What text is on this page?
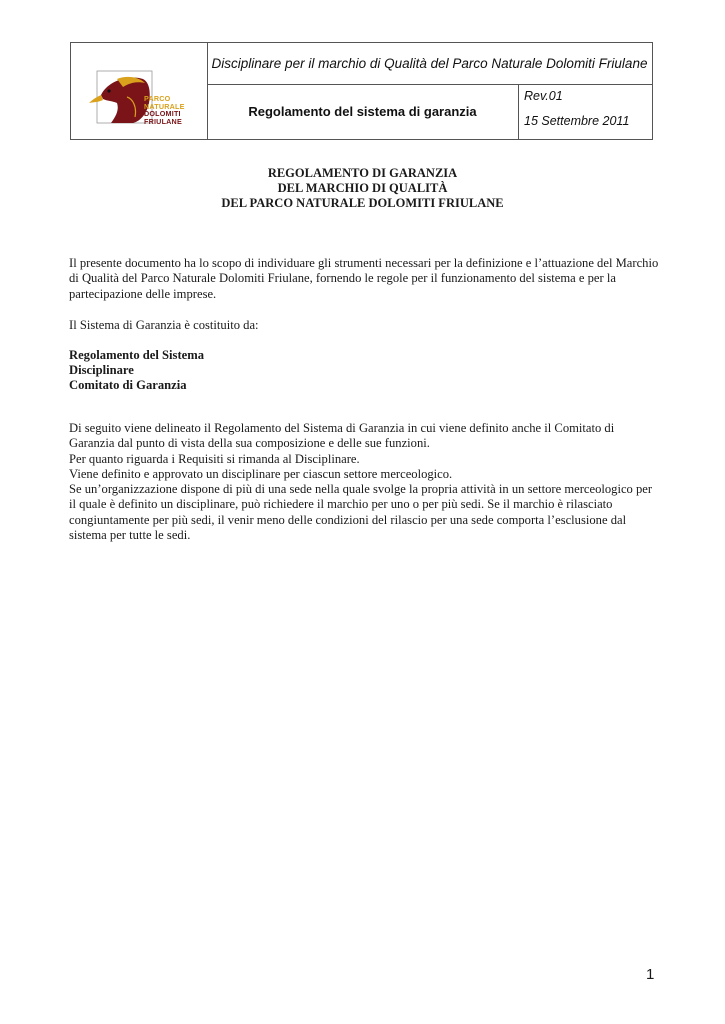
PARCO
NATURALE
DOLOMITI
FRIULANE
Disciplinare per il marchio di Qualità del Parco Naturale Dolomiti Friulane
Regolamento del sistema di garanzia
Rev.01
15 Settembre 2011
REGOLAMENTO DI GARANZIA
DEL MARCHIO DI QUALITÀ
DEL PARCO NATURALE DOLOMITI FRIULANE

Il presente documento ha lo scopo di individuare gli strumenti necessari per la definizione e l’attuazione del Marchio di Qualità del Parco Naturale Dolomiti Friulane, fornendo le regole per il funzionamento del sistema e per la partecipazione delle imprese.

Il Sistema di Garanzia è costituito da:

Regolamento del Sistema
Disciplinare
Comitato di Garanzia
Di seguito viene delineato il Regolamento del Sistema di Garanzia in cui viene definito anche il Comitato di Garanzia dal punto di vista della sua composizione e delle sue funzioni.
Per quanto riguarda i Requisiti si rimanda al Disciplinare.
Viene definito e approvato un disciplinare per ciascun settore merceologico.
Se un’organizzazione dispone di più di una sede nella quale svolge la propria attività in un settore merceologico per il quale è definito un disciplinare, può richiedere il marchio per uno o per più sedi. Se il marchio è rilasciato congiuntamente per più sedi, il venir meno delle condizioni del rilascio per una sede comporta l’esclusione dal sistema per tutte le sedi.
1
